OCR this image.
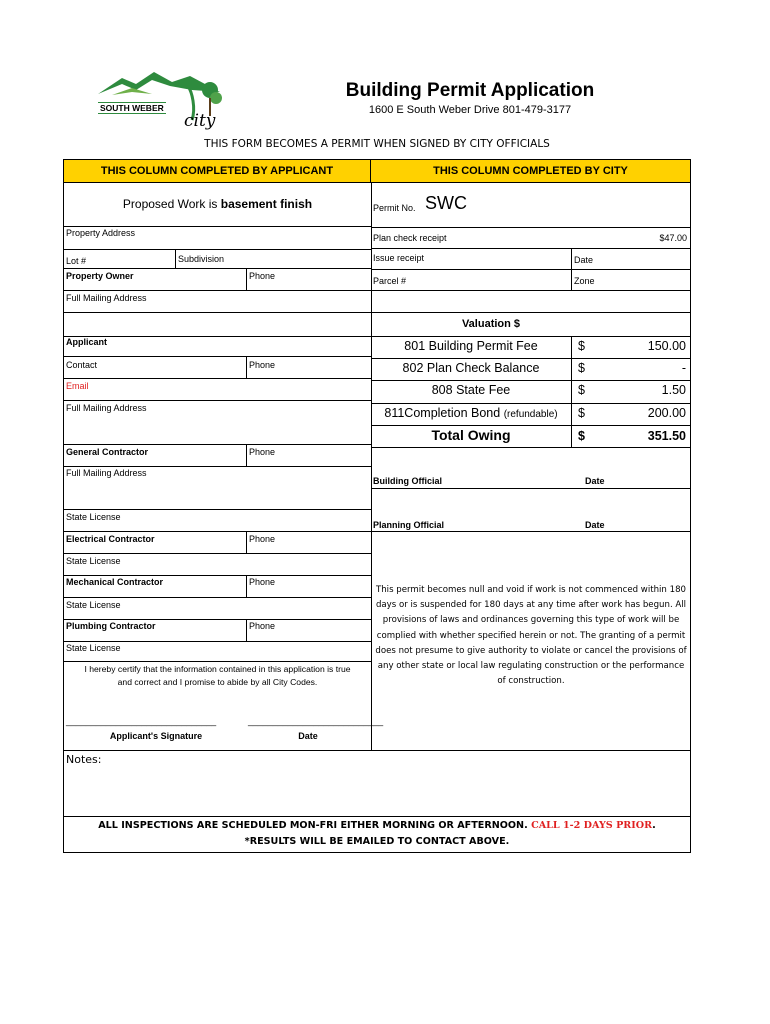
SOUTH WEBER
city
Building Permit Application
1600 E South Weber Drive 801-479-3177
THIS FORM BECOMES A PERMIT WHEN SIGNED BY CITY OFFICIALS
THIS COLUMN COMPLETED BY APPLICANT	THIS COLUMN COMPLETED BY CITY
Proposed Work is basement finish
Property Address
Lot #	Subdivision
Property Owner	Phone
Full Mailing Address
Applicant
Contact	Phone
Email
Full Mailing Address
General Contractor	Phone
Full Mailing Address
State License
Electrical Contractor	Phone
State License
Mechanical Contractor	Phone
State License
Plumbing Contractor	Phone
State License
I hereby certify that the information contained in this application is true
and correct and I promise to abide by all City Codes.
______________________________	___________________________
Applicant's Signature	Date
Permit No. SWC
Plan check receipt	$47.00
Issue receipt	Date
Parcel #	Zone
Valuation $
801 Building Permit Fee	$	150.00
802 Plan Check Balance	$	-
808 State Fee	$	1.50
811Completion Bond (refundable)	$	200.00
Total Owing	$	351.50
Building Official	Date
Planning Official	Date
This permit becomes null and void if work is not commenced within 180
days or is suspended for 180 days at any time after work has begun. All
provisions of laws and ordinances governing this type of work will be
complied with whether specified herein or not. The granting of a permit
does not presume to give authority to violate or cancel the provisions of
any other state or local law regulating construction or the performance
of construction.
Notes:
ALL INSPECTIONS ARE SCHEDULED MON-FRI EITHER MORNING OR AFTERNOON. CALL 1-2 DAYS PRIOR.
*RESULTS WILL BE EMAILED TO CONTACT ABOVE.
